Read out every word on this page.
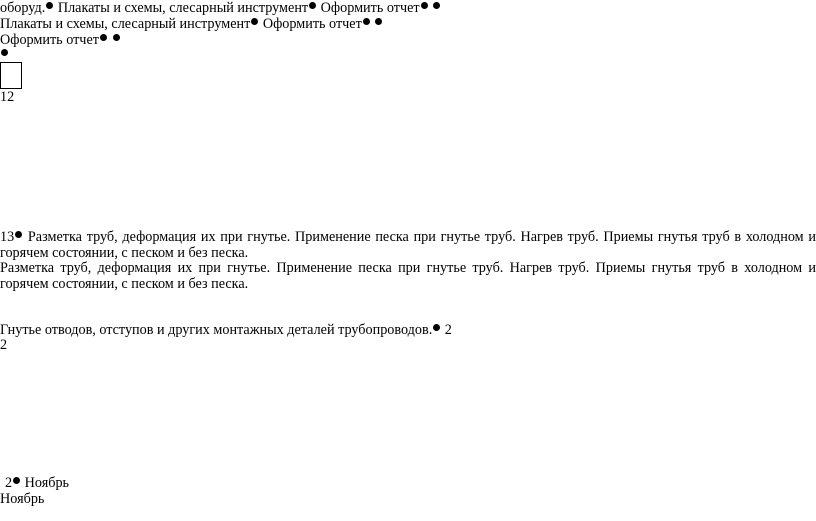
оборуд. Плакаты и схемы, слесарный инструмент Оформить отчет
Плакаты и схемы, слесарный инструмент Оформить отчет
Оформить отчет
12
13 Разметка труб, деформация их при гнутье. Применение песка при гнутье труб. Нагрев труб. Приемы гнутья труб в холодном и горячем состоянии, с песком и без песка.
Разметка труб, деформация их при гнутье. Применение песка при гнутье труб. Нагрев труб. Приемы гнутья труб в холодном и горячем состоянии, с песком и без песка.
Гнутье отводов, отступов и других монтажных деталей трубопроводов. 2
2
2 Ноябрь
Ноябрь
